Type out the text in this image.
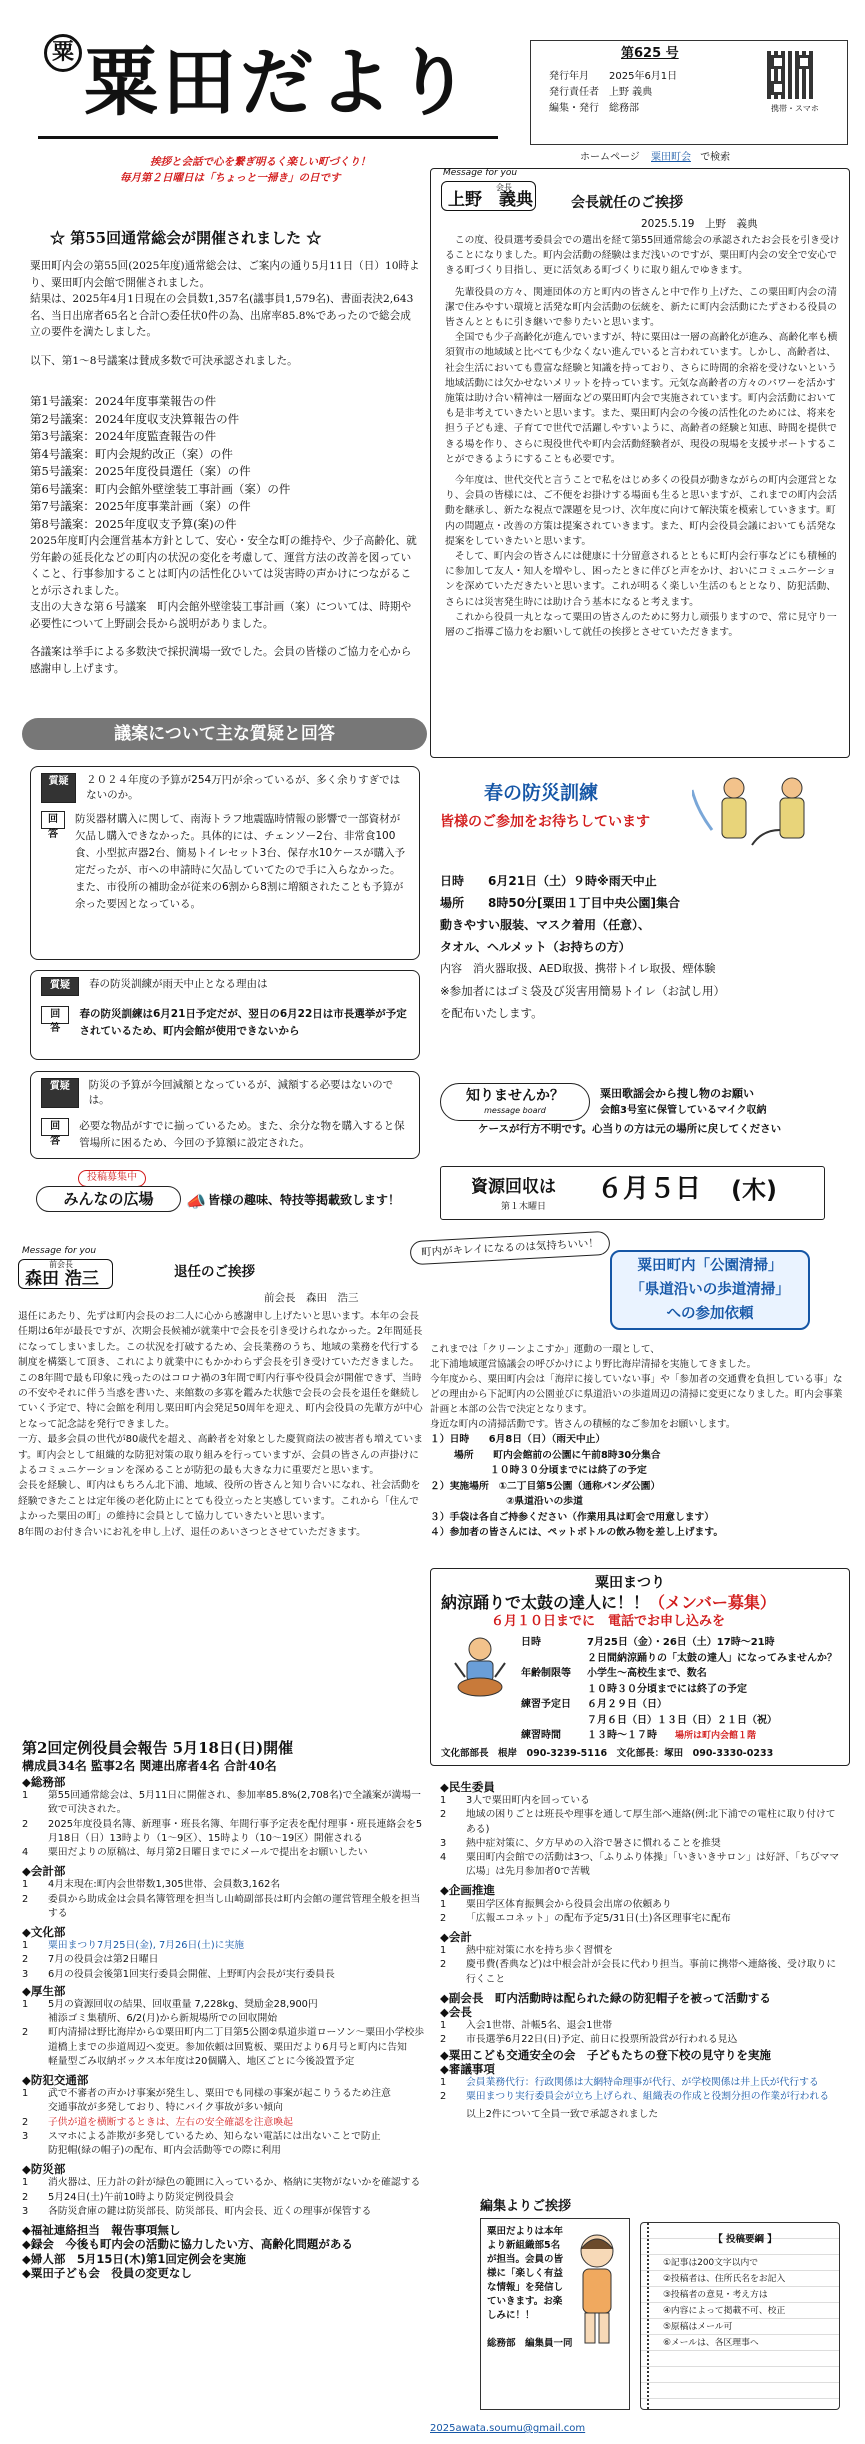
粟 粟田だより
挨拶と会話で心を繋ぎ明るく楽しい町づくり！
毎月第２日曜日は「ちょっと一掃き」の日です
第625 号
発行年月 2025年6月1日
発行責任者 上野 義典
編集・発行 総務部	携帯・スマホ
ホームページ 粟田町会 で検索
☆ 第55回通常総会が開催されました ☆

粟田町内会の第55回(2025年度)通常総会は、ご案内の通り5月11日（日）10時より、粟田町内会館で開催されました。

結果は、2025年4月1日現在の会員数1,357名(議事員1,579名)、書面表決2,643名、当日出席者65名と合計○委任状0件の為、出席率85.8%であったので総会成立の要件を満たしました。

以下、第1～8号議案は賛成多数で可決承認されました。

第1号議案：2024年度事業報告の件
第2号議案：2024年度収支決算報告の件
第3号議案：2024年度監査報告の件
第4号議案：町内会規約改正（案）の件
第5号議案：2025年度役員選任（案）の件
第6号議案：町内会館外壁塗装工事計画（案）の件
第7号議案：2025年度事業計画（案）の件
第8号議案：2025年度収支予算(案)の件

2025年度町内会運営基本方針として、安心・安全な町の維持や、少子高齢化、就労年齢の延長化などの町内の状況の変化を考慮して、運営方法の改善を図っていくこと、行事参加することは町内の活性化ひいては災害時の声かけにつながることが示されました。

支出の大きな第６号議案　町内会館外壁塗装工事計画（案）については、時期や必要性について上野副会長から説明がありました。

各議案は挙手による多数決で採択満場一致でした。会員の皆様のご協力を心から感謝申し上げます。

議案について主な質疑と回答
質疑	２０２４年度の予算が254万円が余っているが、多く余りすぎではないのか。
回答
防災器材購入に関して、南海トラフ地震臨時情報の影響で一部資材が欠品し購入できなかった。具体的には、チェンソー2台、非常食100食、小型拡声器2台、簡易トイレセット3台、保存水10ケースが購入予定だったが、市への申請時に欠品していてたので手に入らなかった。また、市役所の補助金が従来の6割から8割に増額されたことも予算が余った要因となっている。
質疑	春の防災訓練が雨天中止となる理由は
回答
春の防災訓練は6月21日予定だが、翌日の6月22日は市長選挙が予定されているため、町内会館が使用できないから
質疑	防災の予算が今回減額となっているが、減額する必要はないのでは。
回答
必要な物品がすでに揃っているため。また、余分な物を購入すると保管場所に困るため、今回の予算額に設定された。
投稿募集中
みんなの広場	📣 皆様の趣味、特技等掲載致します！
Message for you
会長
上野　義典	会長就任のご挨拶
2025.5.19　上野　義典

この度、役員選考委員会での選出を経て第55回通常総会の承認されたお会長を引き受けることになりました。町内会活動の経験はまだ浅いのですが、粟田町内会の安全で安心できる町づくり目指し、更に活気ある町づくりに取り組んでゆきます。

先輩役員の方々、関連団体の方と町内の皆さんと中で作り上げた、この粟田町内会の清潔で住みやすい環境と活発な町内会活動の伝統を、新たに町内会活動にたずさわる役員の皆さんとともに引き継いで参りたいと思います。

全国でも少子高齢化が進んでいますが、特に粟田は一層の高齢化が進み、高齢化率も横須賀市の地域域と比べても少なくない進んでいると言われています。しかし、高齢者は、社会生活においても豊富な経験と知識を持っており、さらに時間的余裕を受けないという地域活動には欠かせないメリットを持っています。元気な高齢者の方々のパワーを活かす施策は助け合い精神は一層面などの粟田町内会で実施されています。町内会活動においても是非考えていきたいと思います。また、粟田町内会の今後の活性化のためには、将来を担う子ども達、子育てで世代で活躍しやすいように、高齢者の経験と知恵、時間を提供できる場を作り、さらに現役世代や町内会活動経験者が、現役の現場を支援サポートすることができるようにすることも必要です。

今年度は、世代交代と言うことで私をはじめ多くの役員が動きながらの町内会運営となり、会員の皆様には、ご不便をお掛けする場面も生ると思いますが、これまでの町内会活動を継承し、新たな視点で課題を見つけ、次年度に向けて解決策を模索していきます。町内の問題点・改善の方策は提案されていきます。また、町内会役員会議においても活発な提案をしていきたいと思います。

そして、町内会の皆さんには健康に十分留意されるとともに町内会行事などにも積極的に参加して友人・知人を増やし、困ったときに伴びと声をかけ、おいにコミュニケーションを深めていただきたいと思います。これが明るく楽しい生活のもととなり、防犯活動、さらには災害発生時には助け合う基本になると考えます。

これから役員一丸となって粟田の皆さんのために努力し頑張りますので、常に見守り一層のご指導ご協力をお願いして就任の挨拶とさせていただきます。

春の防災訓練
皆様のご参加をお待ちしています
日時 6月21日（土）９時※雨天中止
場所 8時50分[粟田１丁目中央公園]集合
動きやすい服装、マスク着用（任意）、
タオル、ヘルメット（お持ちの方）
内容　消火器取扱、AED取扱、携帯トイレ取扱、煙体験
※参加者にはゴミ袋及び災害用簡易トイレ（お試し用）
を配布いたします。
知りませんか？
message board
粟田歌謡会から捜し物のお願い
会館3号室に保管しているマイク収納
ケースが行方不明です。心当りの方は元の場所に戻してください
資源回収は ６月５日 (木)
第１木曜日
Message for you
前会長
森田 浩三	退任のご挨拶
前会長　森田　浩三

退任にあたり、先ずは町内会長のお二人に心から感謝申し上げたいと思います。本年の会長任期は6年が最長ですが、次期会長候補が就業中で会長を引き受けられなかった。2年間延長になってしまいました。この状況を打破するため、会長業務のうち、地域の業務を代行する制度を構築して頂き、これにより就業中にもかかわらず会長を引き受けていただきました。

この8年間で最も印象に残ったのはコロナ禍の3年間で町内行事や役員会が開催できず、当時の不安やそれに伴う当惑を書いた、来館数の多寡を鑑みた状態で会長の会長を退任を継続していく予定で、特に会館を利用し粟田町内会発足50周年を迎え、町内会役員の先輩方が中心となって記念誌を発行できました。

一方、最多会員の世代が80歳代を超え、高齢者を対象とした慶賀商法の被害者も増えています。町内会として組織的な防犯対策の取り組みを行っていますが、会員の皆さんの声掛けによるコミュニケーションを深めることが防犯の最も大きな力に重要だと思います。

会長を経験し、町内はもちろん北下浦、地域、役所の皆さんと知り合いになれ、社会活動を経験できたことは定年後の老化防止にとても役立ったと実感しています。これから「住んでよかった粟田の町」の維持に会員として協力していきたいと思います。

8年間のお付き合いにお礼を申し上げ、退任のあいさつとさせていただきます。

町内がキレイになるのは気持ちいい！
粟田町内「公園清掃」
「県道沿いの歩道清掃」
への参加依頼

これまでは「クリーンよこすか」運動の一環として、

北下浦地域運営協議会の呼びかけにより野比海岸清掃を実施してきました。

今年度から、粟田町内会は「海岸に接していない事」や「参加者の交通費を負担している事」などの理由から下記町内の公園並びに県道沿いの歩道周辺の清掃に変更になりました。町内会事業計画と本部の公告で決定となります。

身近な町内の清掃活動です。皆さんの積極的なご参加をお願いします。

１）日時　　6月8日（日）（雨天中止）
場所　　町内会館前の公園に午前8時30分集合
１０時３０分頃までには終了の予定
２）実施場所　①二丁目第5公園（通称パンダ公園）
②県道沿いの歩道
３）手袋は各自ご持参ください（作業用具は町会で用意します）
４）参加者の皆さんには、ペットボトルの飲み物を差し上げます。
粟田まつり
納涼踊りで太鼓の達人に！！（メンバー募集）
６月１０日までに　電話でお申し込みを
日時	7月25日（金）・26日（土）17時～21時
２日間納涼踊りの「太鼓の達人」になってみませんか？
年齢制限等 小学生～高校生まで、数名
１０時３０分頃までには終了の予定
練習予定日 ６月２９日（日）
７月６日（日）１３日（日）２１日（祝）
練習時間	１３時～１７時 場所は町内会館１階
文化部部長　根岸　090-3239-5116　文化部長：塚田　090-3330-0233
第2回定例役員会報告 5月18日(日)開催
構成員34名 監事2名 関連出席者4名 合計40名
◆総務部
1	第55回通常総会は、5月11日に開催され、参加率85.8%(2,708名)で全議案が満場一致で可決された。
2	2025年度役員名簿、新理事・班長名簿、年間行事予定表を配付理事・班長連絡会を5月18日（日）13時より（1～9区）、15時より（10～19区）開催される
4	粟田だよりの原稿は、毎月第2日曜日までにメールで提出をお願いしたい
◆会計部
1	4月末現在:町内会世帯数1,305世帯、会員数3,162名
2	委員から助成金は会員名簿管理を担当し山崎副部長は町内会館の運営管理全般を担当する
◆文化部
1	粟田まつり7月25日(金), 7月26日(土)に実施
2	7月の役員会は第2日曜日
3	6月の役員会後第1回実行委員会開催、上野町内会長が実行委員長
◆厚生部
1	5月の資源回収の結果、回収重量 7,228kg、奨励金28,900円
補添ゴミ集積所、6/2(月)から新規場所での回収開始
2	町内清掃は野比海岸から①粟田町内二丁目第5公園②県道歩道ローソン～粟田小学校歩道橋上までの歩道周辺へ変更。参加依頼は回覧板、粟田だより6月号と町内に告知
軽量型ごみ収納ボックス本年度は20個購入、地区ごとに今後設置予定
◆防犯交通部
1	武で不審者の声かけ事案が発生し、粟田でも同様の事案が起こりうるため注意
交通事故が多発しており、特にバイク事故が多い傾向
2	子供が道を横断するときは、左右の安全確認を注意喚起
3	スマホによる詐欺が多発しているため、知らない電話には出ないことで防止
防犯帽(緑の帽子)の配布、町内会活動等での際に利用
◆防災部
1	消火器は、圧力計の針が緑色の範囲に入っているか、格納に実物がないかを確認する
2	5月24日(土)午前10時より防災定例役員会
3	各防災倉庫の鍵は防災部長、防災部長、町内会長、近くの理事が保管する
◆福祉連絡担当　報告事項無し
◆録会　今後も町内会の活動に協力したい方、高齢化問題がある
◆婦人部　5月15日(木)第1回定例会を実施
◆粟田子ども会　役員の変更なし
◆民生委員
1	3人で粟田町内を回っている
2	地域の困りごとは班長や理事を通して厚生部へ連絡(例:北下浦での電柱に取り付けてある)
3	熱中症対策に、夕方早めの入浴で暑さに慣れることを推奨
4	粟田町内会館での活動は3つ、「ふりふり体操」「いきいきサロン」は好評、「ちびママ広場」は先月参加者0で苦戦
◆企画推進
1	粟田学区体育振興会から役員会出席の依頼あり
2	「広報エコネット」の配布予定5/31日(土)各区理事宅に配布
◆会計
1	熱中症対策に水を持ち歩く習慣を
2	慶弔費(香典など)は中根会計が会長に代わり担当。事前に携帯へ連絡後、受け取りに行くこと
◆副会長　町内活動時は配られた緑の防犯帽子を被って活動する
◆会長
1	入会1世帯、計帳5名、退会1世帯
2	市長選挙6月22日(日)予定、前日に投票所設営が行われる見込
◆粟田こども交通安全の会　子どもたちの登下校の見守りを実施
◆審議事項
1	会員業務代行：行政関係は大網特命理事が代行、が学校関係は井上氏が代行する
2	粟田まつり実行委員会が立ち上げられ、組織表の作成と役割分担の作業が行われる
以上2件について全員一致で承認されました
編集よりご挨拶
粟田だよりは本年より新組織部5名が担当。会員の皆様に「楽しく有益な情報」を発信していきます。お楽しみに！！
総務部　編集員一同
【 投稿要綱 】
①記事は200文字以内で
②投稿者は、住所氏名をお記入
③投稿者の意見・考え方は
④内容によって掲載不可、校正
⑤原稿はメール可
⑥メールは、各区理事へ
2025awata.soumu@gmail.com
